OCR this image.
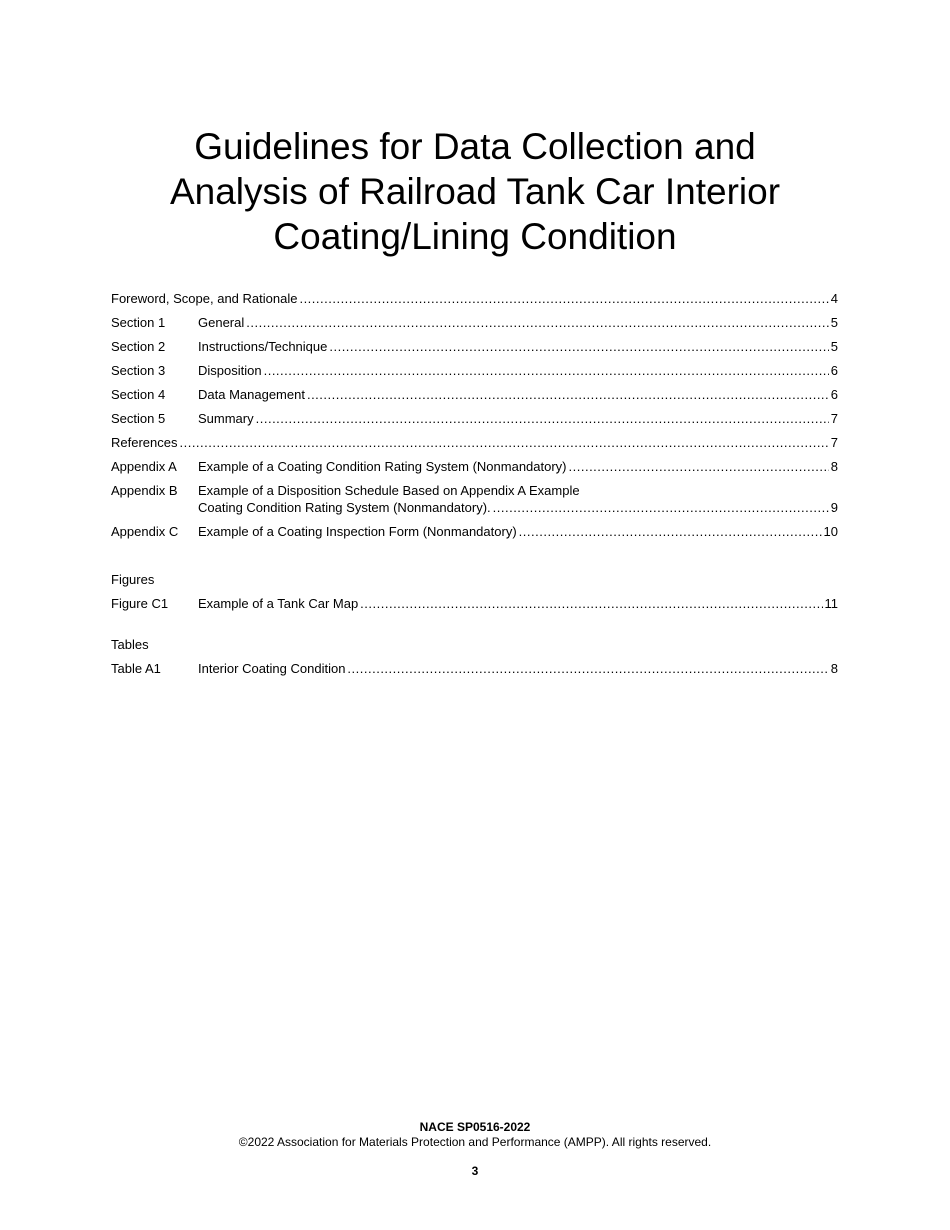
Guidelines for Data Collection and
Analysis of Railroad Tank Car Interior
Coating/Lining Condition
Foreword, Scope, and Rationale .....	4
Section 1	General .....	5
Section 2	Instructions/Technique .....	5
Section 3	Disposition .....	6
Section 4	Data Management .....	6
Section 5	Summary .....	7
References .....	7
Appendix A	Example of a Coating Condition Rating System (Nonmandatory) .....	8
Appendix B	Example of a Disposition Schedule Based on Appendix A Example
Coating Condition Rating System (Nonmandatory). .....	9
Appendix C	Example of a Coating Inspection Form (Nonmandatory) .....	10
Figures
Figure C1	Example of a Tank Car Map .....	11
Tables
Table A1	Interior Coating Condition .....	8
NACE SP0516-2022
©2022 Association for Materials Protection and Performance (AMPP). All rights reserved.
3
